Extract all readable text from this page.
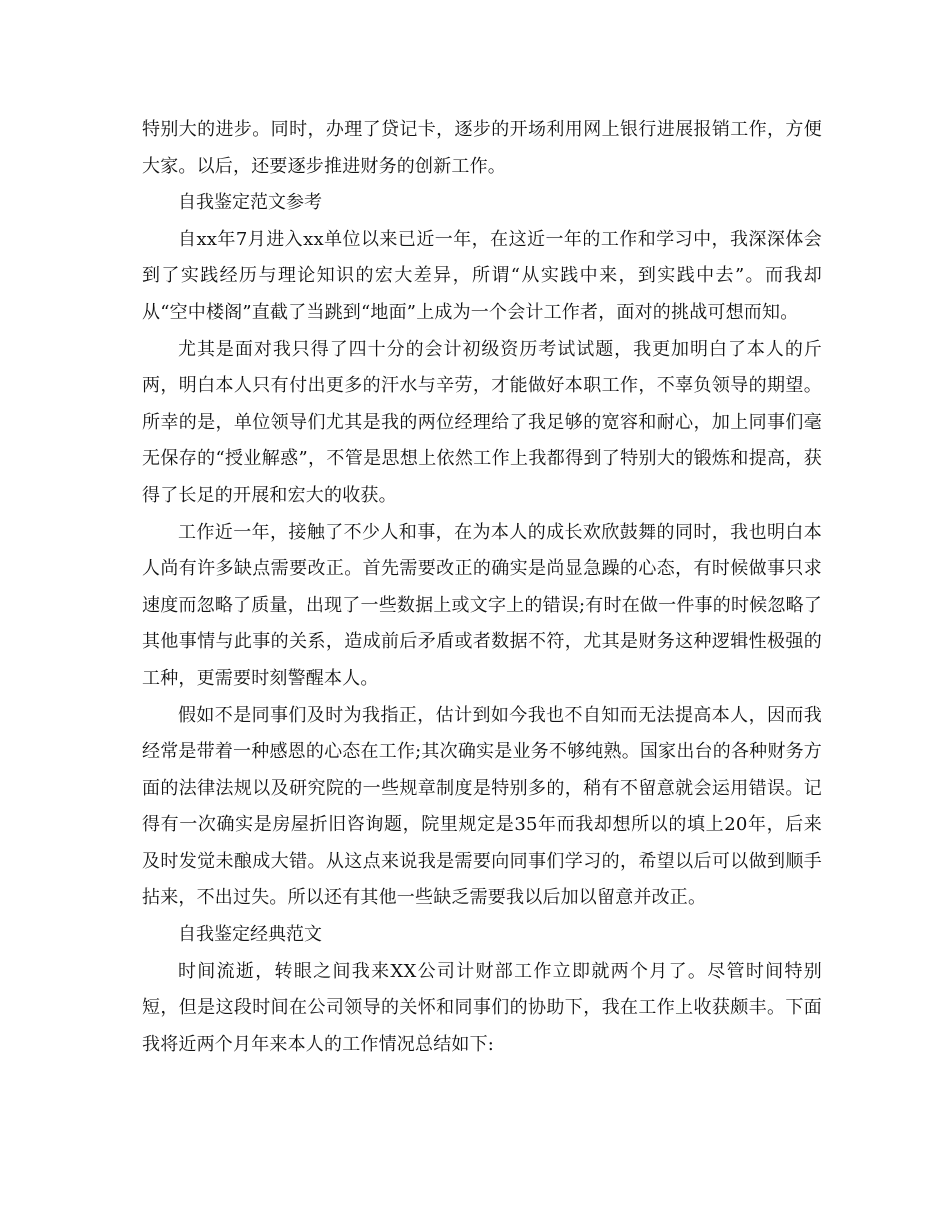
特别大的进步。同时，办理了贷记卡，逐步的开场利用网上银行进展报销工作，方便大家。以后，还要逐步推进财务的创新工作。

自我鉴定范文参考

自xx年7月进入xx单位以来已近一年，在这近一年的工作和学习中，我深深体会到了实践经历与理论知识的宏大差异，所谓“从实践中来，到实践中去”。而我却从“空中楼阁”直截了当跳到“地面”上成为一个会计工作者，面对的挑战可想而知。

尤其是面对我只得了四十分的会计初级资历考试试题，我更加明白了本人的斤两，明白本人只有付出更多的汗水与辛劳，才能做好本职工作，不辜负领导的期望。所幸的是，单位领导们尤其是我的两位经理给了我足够的宽容和耐心，加上同事们毫无保存的“授业解惑”，不管是思想上依然工作上我都得到了特别大的锻炼和提高，获得了长足的开展和宏大的收获。

工作近一年，接触了不少人和事，在为本人的成长欢欣鼓舞的同时，我也明白本人尚有许多缺点需要改正。首先需要改正的确实是尚显急躁的心态，有时候做事只求速度而忽略了质量，出现了一些数据上或文字上的错误;有时在做一件事的时候忽略了其他事情与此事的关系，造成前后矛盾或者数据不符，尤其是财务这种逻辑性极强的工种，更需要时刻警醒本人。

假如不是同事们及时为我指正，估计到如今我也不自知而无法提高本人，因而我经常是带着一种感恩的心态在工作;其次确实是业务不够纯熟。国家出台的各种财务方面的法律法规以及研究院的一些规章制度是特别多的，稍有不留意就会运用错误。记得有一次确实是房屋折旧咨询题，院里规定是35年而我却想所以的填上20年，后来及时发觉未酿成大错。从这点来说我是需要向同事们学习的，希望以后可以做到顺手拈来，不出过失。所以还有其他一些缺乏需要我以后加以留意并改正。

自我鉴定经典范文

时间流逝，转眼之间我来XX公司计财部工作立即就两个月了。尽管时间特别短，但是这段时间在公司领导的关怀和同事们的协助下，我在工作上收获颇丰。下面我将近两个月年来本人的工作情况总结如下:
